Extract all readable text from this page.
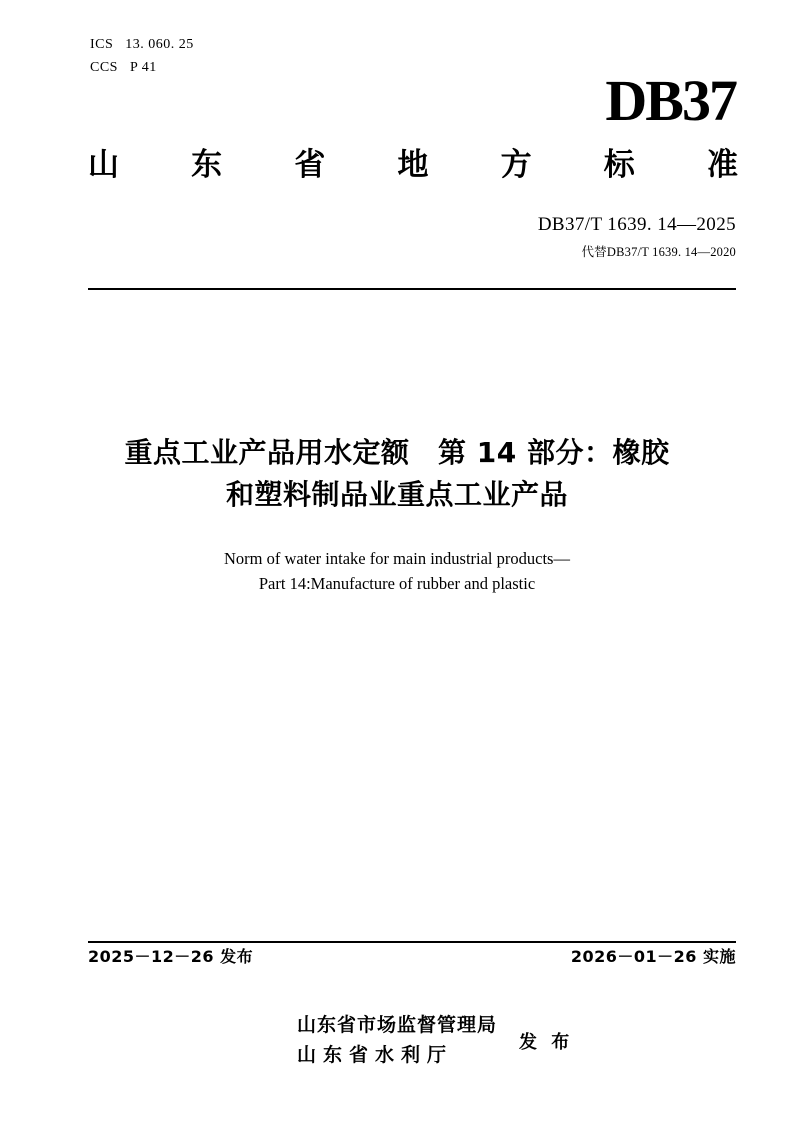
ICS 13. 060. 25
CCS P 41
DB37
山 东 省 地 方 标 准
DB37/T 1639. 14—2025
代替DB37/T 1639. 14—2020
重点工业产品用水定额　第 14 部分：橡胶
和塑料制品业重点工业产品
Norm of water intake for main industrial products—
Part 14:Manufacture of rubber and plastic
2025－12－26 发布	2026－01－26 实施
山东省市场监督管理局
山东省水利厅
发 布
